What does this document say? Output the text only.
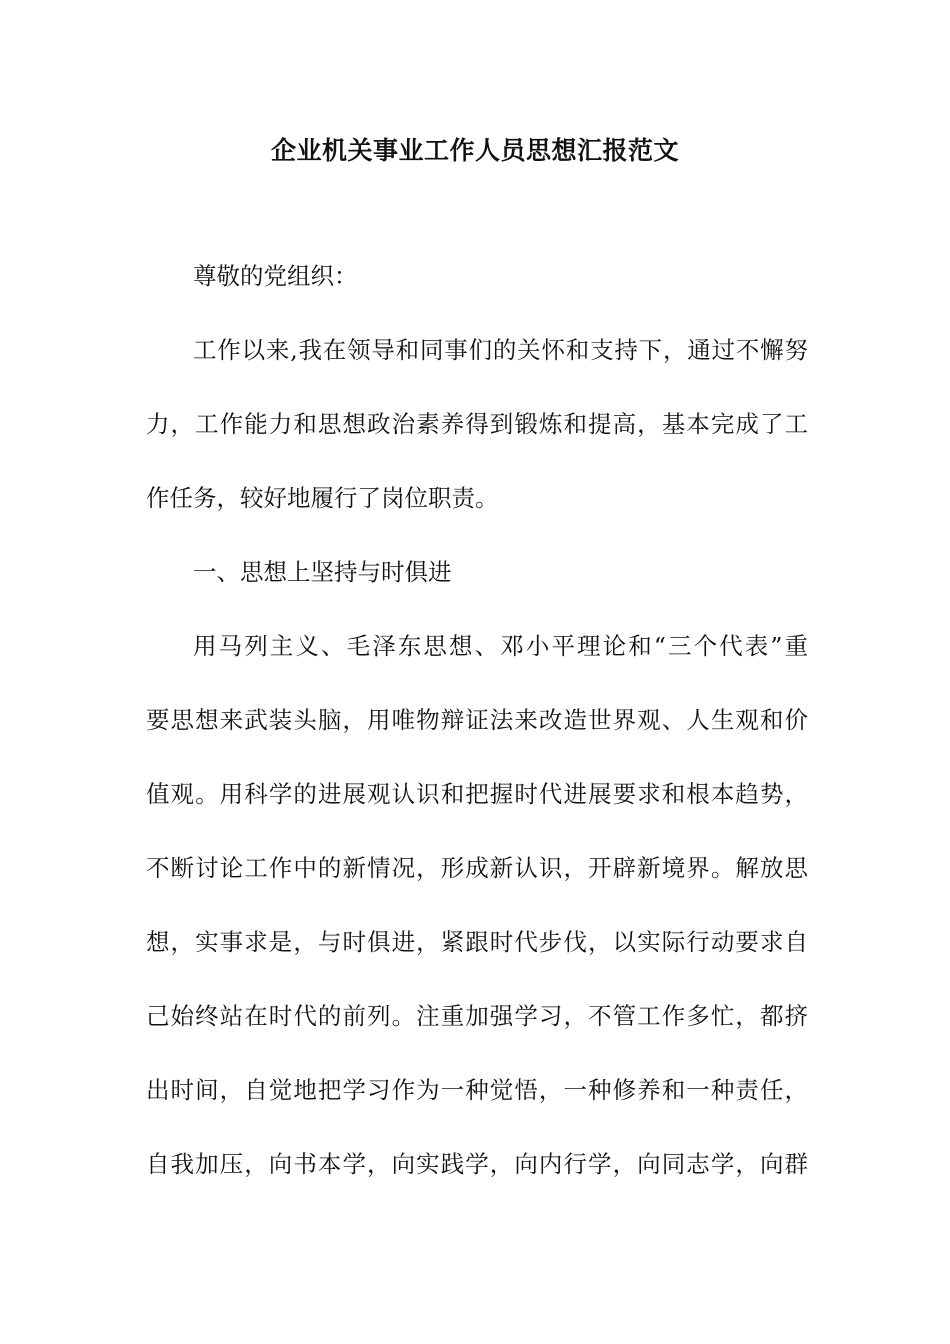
企业机关事业工作人员思想汇报范文
尊敬的党组织：
工作以来,我在领导和同事们的关怀和支持下，通过不懈努
力，工作能力和思想政治素养得到锻炼和提高，基本完成了工
作任务，较好地履行了岗位职责。
一、思想上坚持与时俱进
用马列主义、毛泽东思想、邓小平理论和“三个代表”重
要思想来武装头脑，用唯物辩证法来改造世界观、人生观和价
值观。用科学的进展观认识和把握时代进展要求和根本趋势，
不断讨论工作中的新情况，形成新认识，开辟新境界。解放思
想，实事求是，与时俱进，紧跟时代步伐，以实际行动要求自
己始终站在时代的前列。注重加强学习，不管工作多忙，都挤
出时间，自觉地把学习作为一种觉悟，一种修养和一种责任，
自我加压，向书本学，向实践学，向内行学，向同志学，向群
